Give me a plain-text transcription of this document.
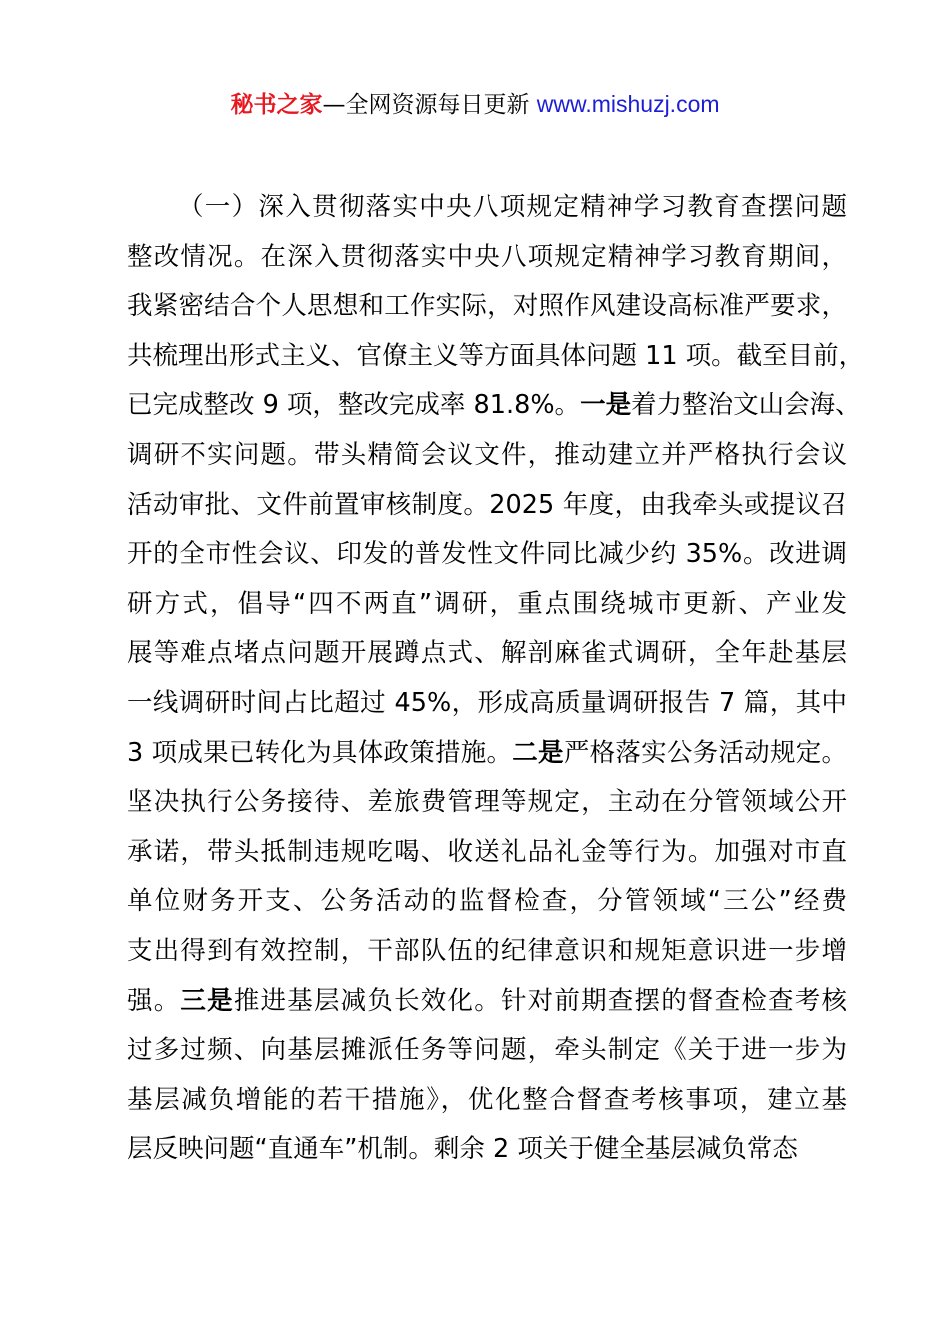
秘书之家—全网资源每日更新 www.mishuzj.com
（一）深入贯彻落实中央八项规定精神学习教育查摆问题
整改情况。在深入贯彻落实中央八项规定精神学习教育期间，
我紧密结合个人思想和工作实际，对照作风建设高标准严要求，
共梳理出形式主义、官僚主义等方面具体问题 11 项。截至目前，
已完成整改 9 项，整改完成率 81.8%。一是着力整治文山会海、
调研不实问题。带头精简会议文件，推动建立并严格执行会议
活动审批、文件前置审核制度。2025 年度，由我牵头或提议召
开的全市性会议、印发的普发性文件同比减少约 35%。改进调
研方式，倡导“四不两直”调研，重点围绕城市更新、产业发
展等难点堵点问题开展蹲点式、解剖麻雀式调研，全年赴基层
一线调研时间占比超过 45%，形成高质量调研报告 7 篇，其中
3 项成果已转化为具体政策措施。二是严格落实公务活动规定。
坚决执行公务接待、差旅费管理等规定，主动在分管领域公开
承诺，带头抵制违规吃喝、收送礼品礼金等行为。加强对市直
单位财务开支、公务活动的监督检查，分管领域“三公”经费
支出得到有效控制，干部队伍的纪律意识和规矩意识进一步增
强。三是推进基层减负长效化。针对前期查摆的督查检查考核
过多过频、向基层摊派任务等问题，牵头制定《关于进一步为
基层减负增能的若干措施》，优化整合督查考核事项，建立基
层反映问题“直通车”机制。剩余 2 项关于健全基层减负常态
